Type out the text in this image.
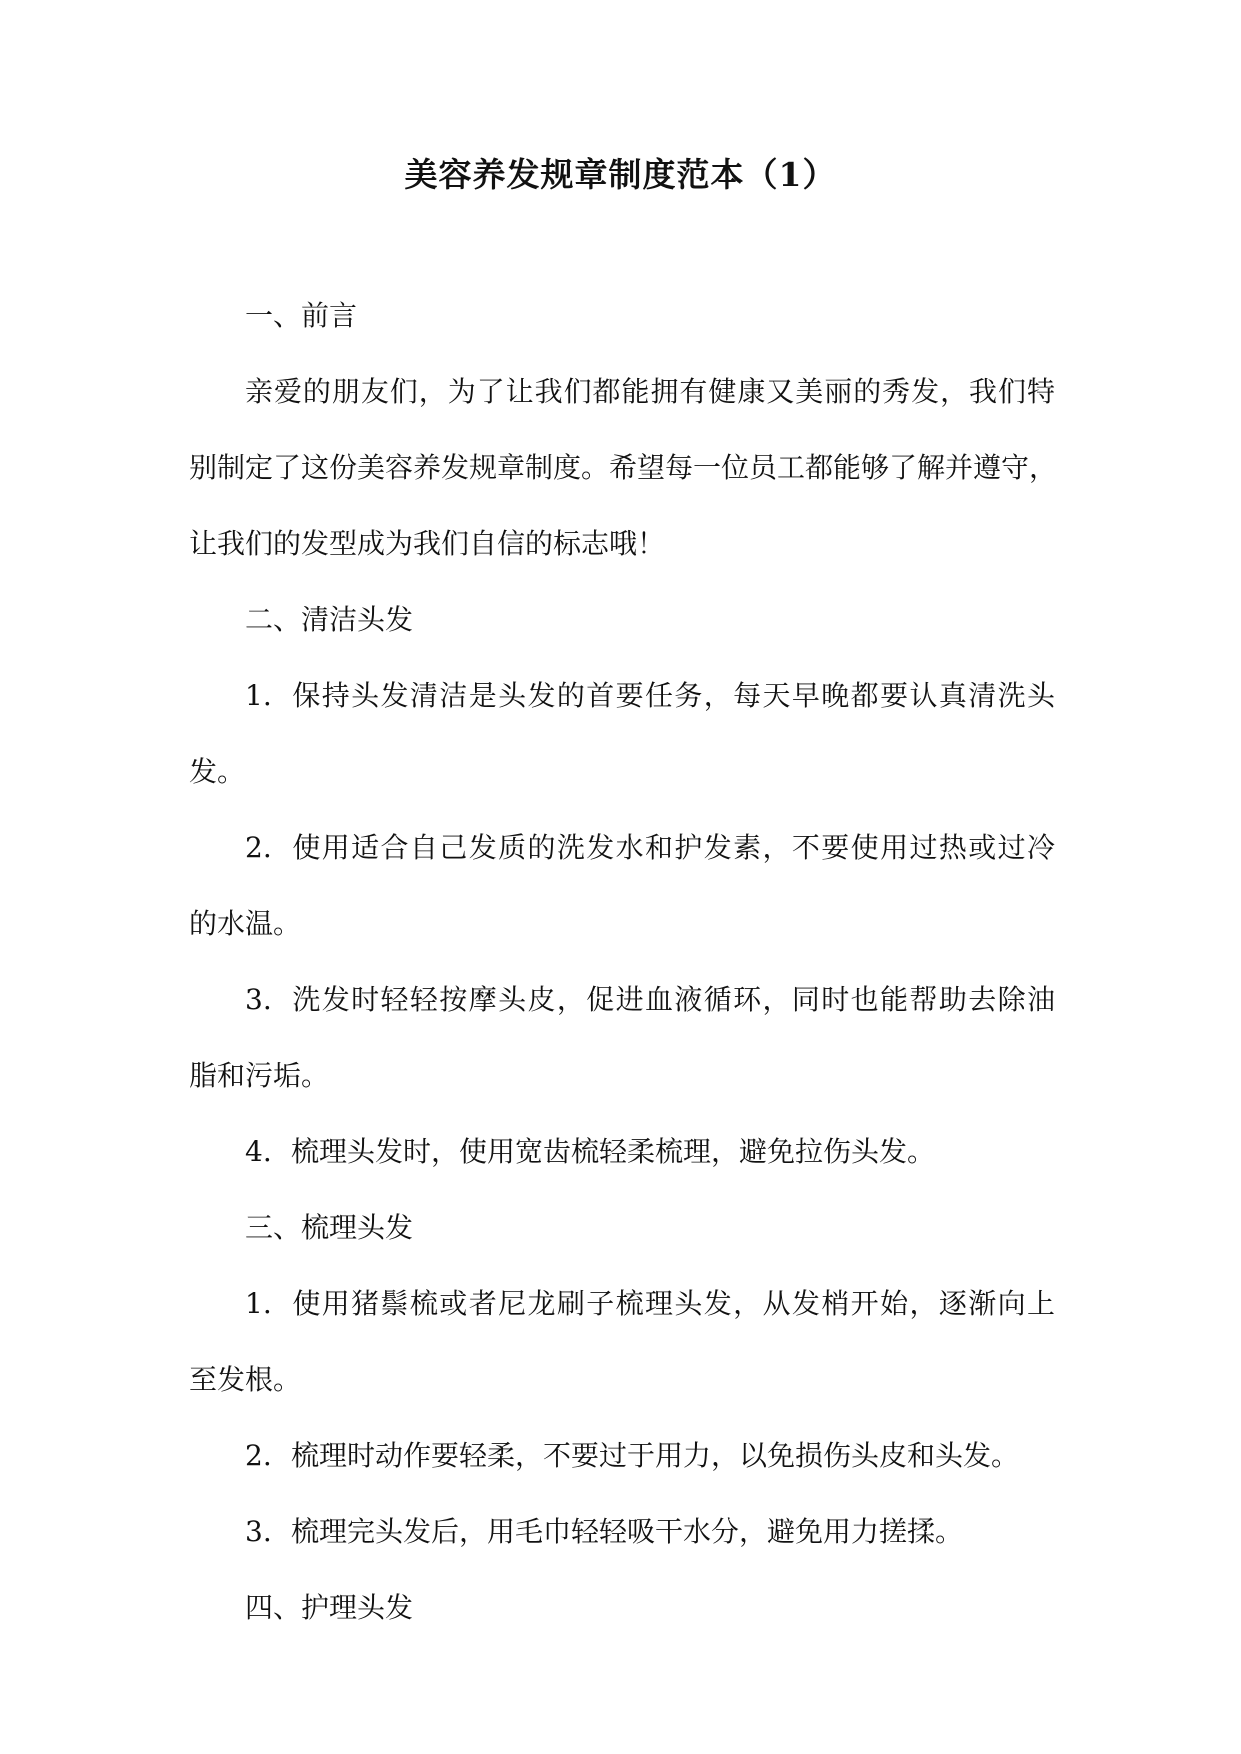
美容养发规章制度范本（1）

一、前言

亲爱的朋友们，为了让我们都能拥有健康又美丽的秀发，我们特

别制定了这份美容养发规章制度。希望每一位员工都能够了解并遵守，

让我们的发型成为我们自信的标志哦！

二、清洁头发

1. 保持头发清洁是头发的首要任务，每天早晚都要认真清洗头

发。

2. 使用适合自己发质的洗发水和护发素，不要使用过热或过冷

的水温。

3. 洗发时轻轻按摩头皮，促进血液循环，同时也能帮助去除油

脂和污垢。

4. 梳理头发时，使用宽齿梳轻柔梳理，避免拉伤头发。

三、梳理头发

1. 使用猪鬃梳或者尼龙刷子梳理头发，从发梢开始，逐渐向上

至发根。

2. 梳理时动作要轻柔，不要过于用力，以免损伤头皮和头发。

3. 梳理完头发后，用毛巾轻轻吸干水分，避免用力搓揉。

四、护理头发
